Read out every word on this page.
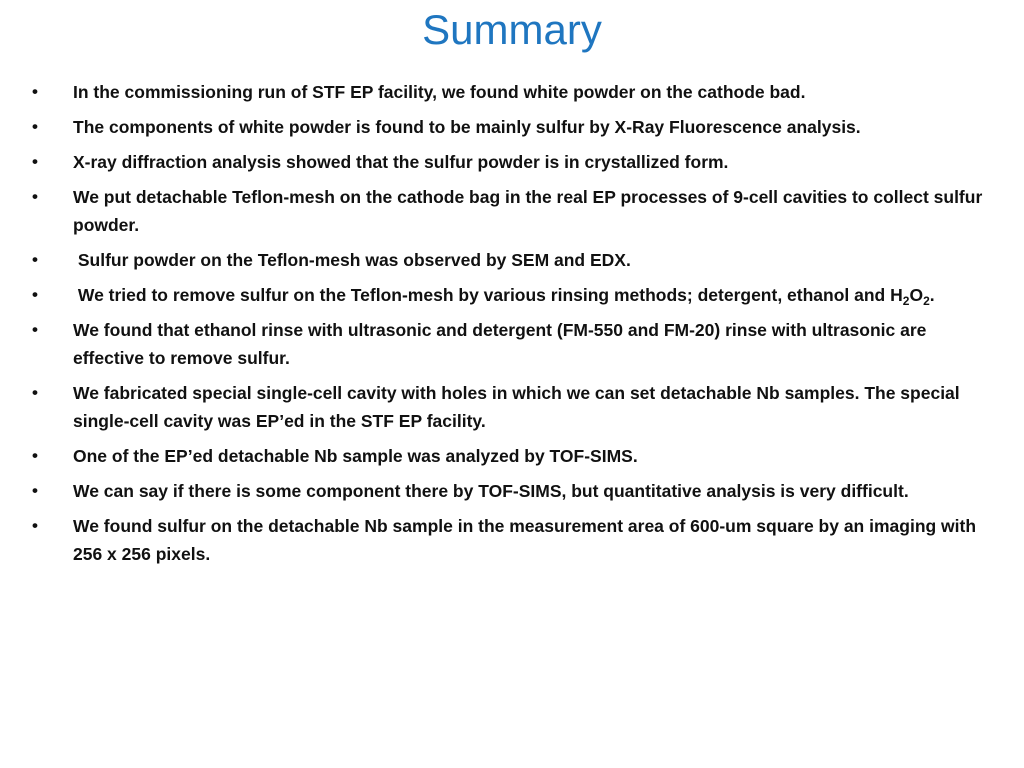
Summary
• In the commissioning run of STF EP facility, we found white powder on the cathode bad.
• The components of white powder is found to be mainly sulfur by X-Ray Fluorescence analysis.
• X-ray diffraction analysis showed that the sulfur powder is in crystallized form.
• We put detachable Teflon-mesh on the cathode bag in the real EP processes of 9-cell cavities to collect sulfur powder.
• Sulfur powder on the Teflon-mesh was observed by SEM and EDX.
• We tried to remove sulfur on the Teflon-mesh by various rinsing methods; detergent, ethanol and $H_2O_2$.
• We found that ethanol rinse with ultrasonic and detergent (FM-550 and FM-20) rinse with ultrasonic are effective to remove sulfur.
• We fabricated special single-cell cavity with holes in which we can set detachable Nb samples. The special single-cell cavity was EP’ed in the STF EP facility.
• One of the EP’ed detachable Nb sample was analyzed by TOF-SIMS.
• We can say if there is some component there by TOF-SIMS, but quantitative analysis is very difficult.
• We found sulfur on the detachable Nb sample in the measurement area of 600-um square by an imaging with 256 x 256 pixels.
